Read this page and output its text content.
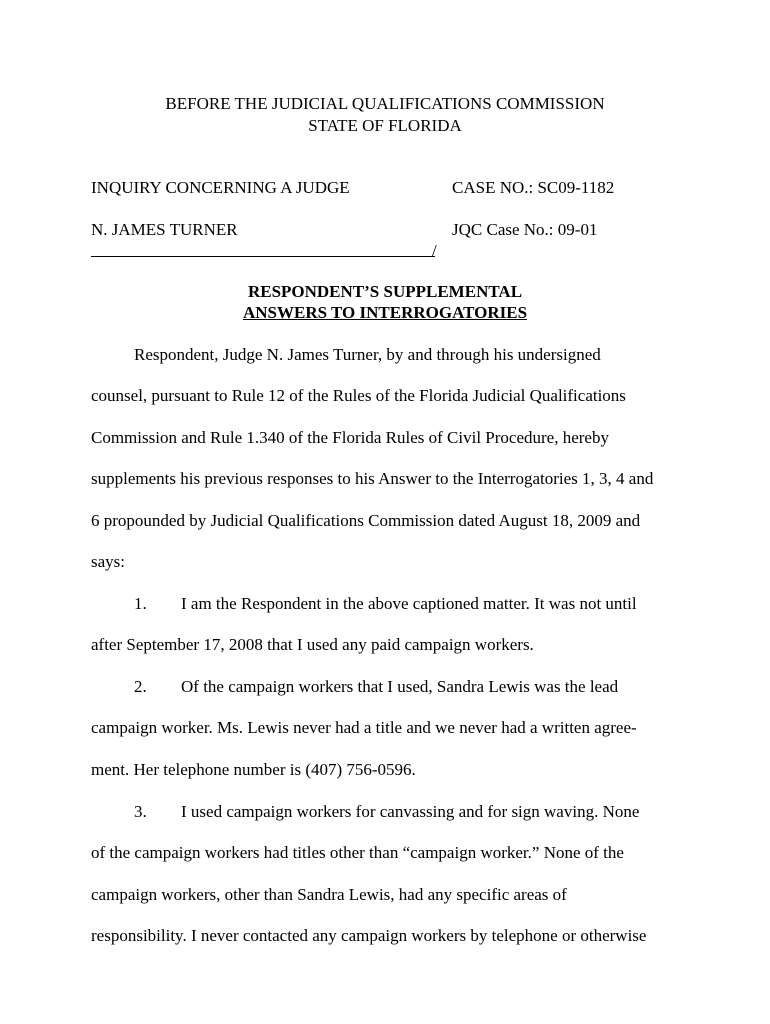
BEFORE THE JUDICIAL QUALIFICATIONS COMMISSION
STATE OF FLORIDA
INQUIRY CONCERNING A JUDGE	CASE NO.: SC09-1182
N. JAMES TURNER	JQC Case No.: 09-01
/
RESPONDENT’S SUPPLEMENTAL
ANSWERS TO INTERROGATORIES
Respondent, Judge N. James Turner, by and through his undersigned
counsel, pursuant to Rule 12 of the Rules of the Florida Judicial Qualifications
Commission and Rule 1.340 of the Florida Rules of Civil Procedure, hereby
supplements his previous responses to his Answer to the Interrogatories 1, 3, 4 and
6 propounded by Judicial Qualifications Commission dated August 18, 2009 and
says:
1. I am the Respondent in the above captioned matter. It was not until
after September 17, 2008 that I used any paid campaign workers.
2. Of the campaign workers that I used, Sandra Lewis was the lead
campaign worker. Ms. Lewis never had a title and we never had a written agree-
ment. Her telephone number is (407) 756-0596.
3. I used campaign workers for canvassing and for sign waving. None
of the campaign workers had titles other than “campaign worker.” None of the
campaign workers, other than Sandra Lewis, had any specific areas of
responsibility. I never contacted any campaign workers by telephone or otherwise
